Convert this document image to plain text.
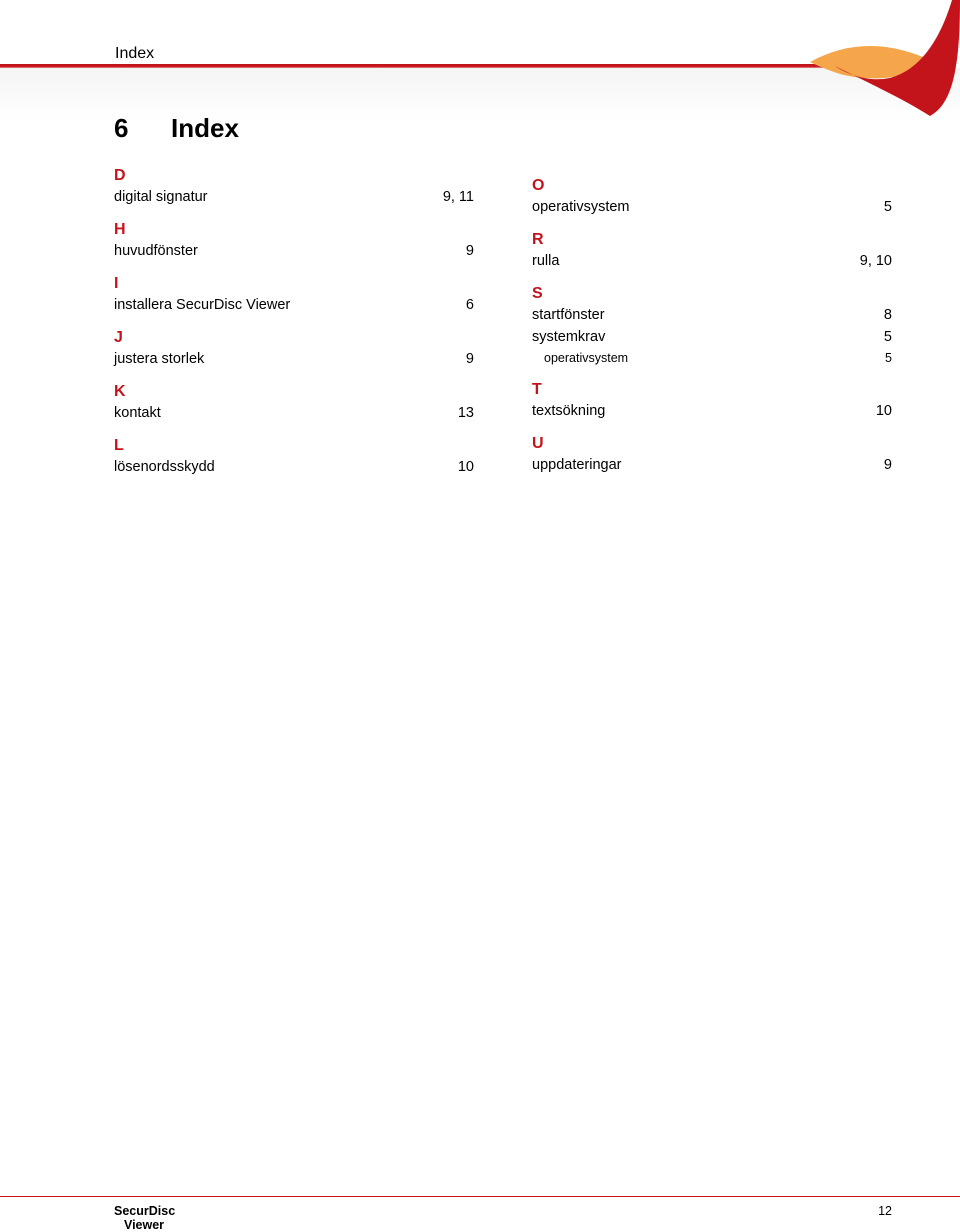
Index
6 Index
D
digital signatur	9, 11
H
huvudfönster	9
I
installera SecurDisc Viewer	6
J
justera storlek	9
K
kontakt	13
L
lösenordsskydd	10
O
operativsystem	5
R
rulla	9, 10
S
startfönster	8
systemkrav	5
operativsystem	5
T
textsökning	10
U
uppdateringar	9
SecurDisc
Viewer
12
